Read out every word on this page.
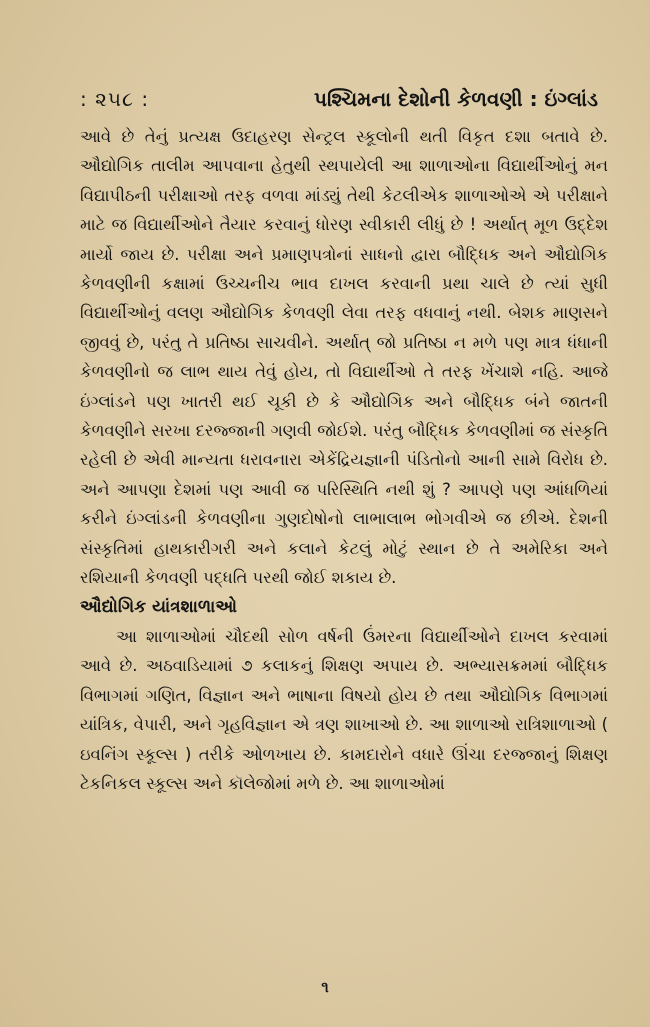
: ૨૫૮ :	પશ્ચિમના દેશોની કેળવણી : ઇંગ્લાંડ

આવે છે તેનું પ્રત્યક્ષ ઉદાહરણ સેન્ટ્રલ સ્કૂલોની થતી વિકૃત દશા બતાવે છે. ઔદ્યોગિક તાલીમ આપવાના હેતુથી સ્થપાયેલી આ શાળાઓના વિદ્યાર્થીઓનું મન વિદ્યાપીઠની પરીક્ષાઓ તરફ વળવા માંડ્યું તેથી કેટલીએક શાળાઓએ એ પરીક્ષાને માટે જ વિદ્યાર્થીઓને તૈયાર કરવાનું ધોરણ સ્વીકારી લીધું છે ! અર્થાત્ મૂળ ઉદ્દેશ માર્યો જાય છે. પરીક્ષા અને પ્રમાણપત્રોનાં સાધનો દ્વારા બૌદ્ધિક અને ઔદ્યોગિક કેળવણીની કક્ષામાં ઉચ્ચનીચ ભાવ દાખલ કરવાની પ્રથા ચાલે છે ત્યાં સુધી વિદ્યાર્થીઓનું વલણ ઔદ્યોગિક કેળવણી લેવા તરફ વધવાનું નથી. બેશક માણસને જીવવું છે, પરંતુ તે પ્રતિષ્ઠા સાચવીને. અર્થાત્ જો પ્રતિષ્ઠા ન મળે પણ માત્ર ધંધાની કેળવણીનો જ લાભ થાય તેવું હોય, તો વિદ્યાર્થીઓ તે તરફ ખેંચાશે નહિ. આજે ઇંગ્લાંડને પણ ખાતરી થઈ ચૂકી છે કે ઔદ્યોગિક અને બૌદ્ધિક બંને જાતની કેળવણીને સરખા દરજ્જાની ગણવી જોઈશે. પરંતુ બૌદ્ધિક કેળવણીમાં જ સંસ્કૃતિ રહેલી છે એવી માન્યતા ધરાવનારા એકેંદ્રિયજ્ઞાની પંડિતોનો આની સામે વિરોધ છે. અને આપણા દેશમાં પણ આવી જ પરિસ્થિતિ નથી શું ? આપણે પણ આંધળિયાં કરીને ઇંગ્લાંડની કેળવણીના ગુણદોષોનો લાભાલાભ ભોગવીએ જ છીએ. દેશની સંસ્કૃતિમાં હાથકારીગરી અને કલાને કેટલું મોટું સ્થાન છે તે અમેરિકા અને રશિયાની કેળવણી પદ્ધતિ પરથી જોઈ શકાય છે.

ઔદ્યોગિક યાંત્રશાળાઓ

આ શાળાઓમાં ચૌદથી સોળ વર્ષની ઉંમરના વિદ્યાર્થીઓને દાખલ કરવામાં આવે છે. અઠવાડિયામાં ૭ કલાકનું શિક્ષણ અપાય છે. અભ્યાસક્રમમાં બૌદ્ધિક વિભાગમાં ગણિત, વિજ્ઞાન અને ભાષાના વિષયો હોય છે તથા ઔદ્યોગિક વિભાગમાં યાંત્રિક, વેપારી, અને ગૃહવિજ્ઞાન એ ત્રણ શાખાઓ છે. આ શાળાઓ રાત્રિશાળાઓ ( ઇવનિંગ સ્કૂલ્સ ) તરીકે ઓળખાય છે. કામદારોને વધારે ઊંચા દરજ્જાનું શિક્ષણ ટેકનિકલ સ્કૂલ્સ અને કૉલેજોમાં મળે છે. આ શાળાઓમાં

૧
